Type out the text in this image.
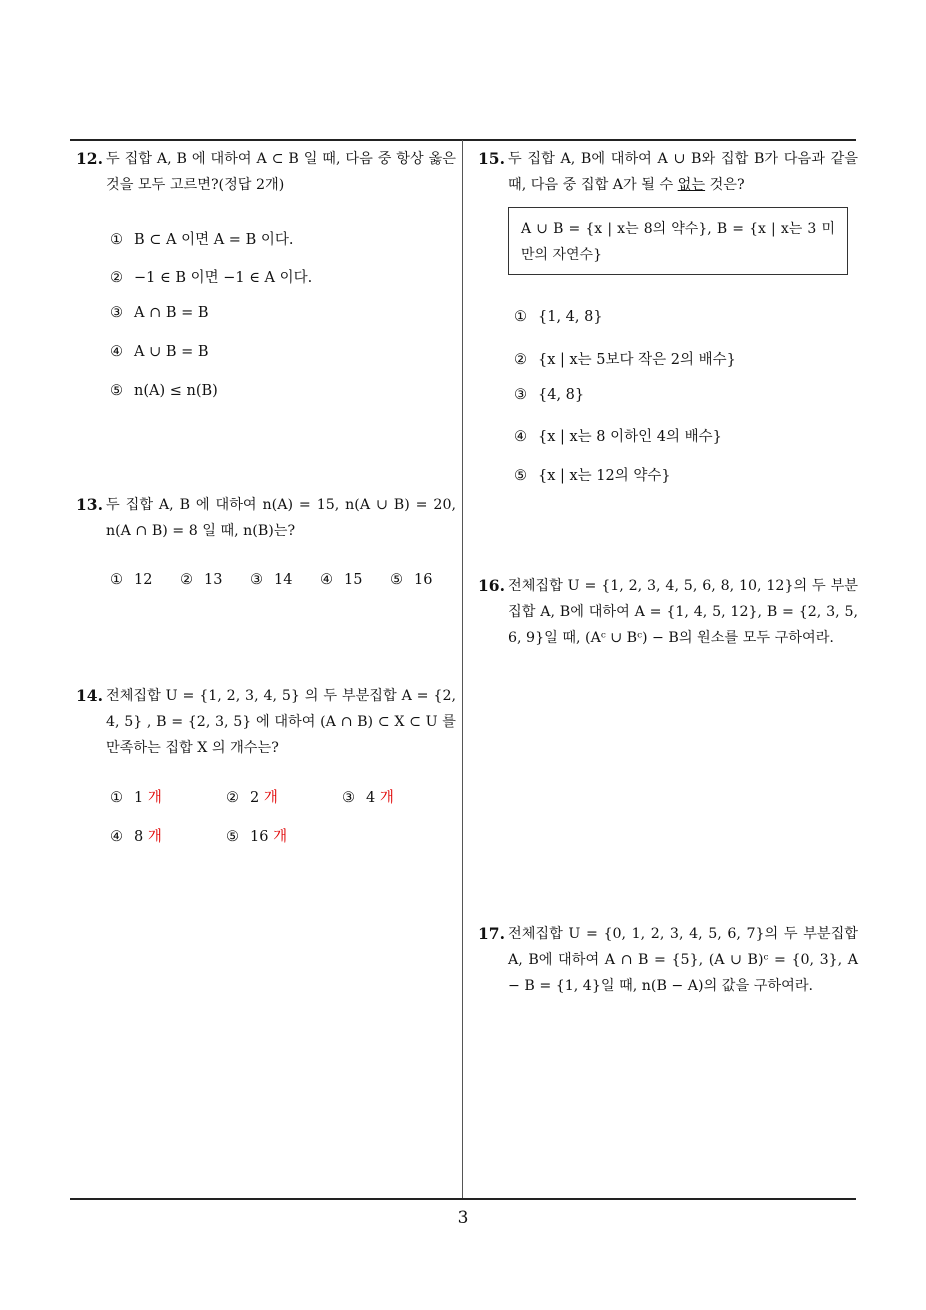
12. 두 집합 A, B 에 대하여 A ⊂ B 일 때, 다음 중 항상 옳은 것을 모두 고르면?(정답 2개)
① B ⊂ A 이면 A = B 이다.
② −1 ∈ B 이면 −1 ∈ A 이다.
③ A ∩ B = B
④ A ∪ B = B
⑤ n(A) ≤ n(B)
13. 두 집합 A, B 에 대하여 n(A) = 15, n(A ∪ B) = 20, n(A ∩ B) = 8 일 때, n(B)는?
① 12 ② 13 ③ 14 ④ 15 ⑤ 16
14. 전체집합 U = {1, 2, 3, 4, 5} 의 두 부분집합 A = {2, 4, 5} , B = {2, 3, 5} 에 대하여 (A ∩ B) ⊂ X ⊂ U 를 만족하는 집합 X 의 개수는?
① 1 개	② 2 개	③ 4 개
④ 8 개	⑤ 16 개
15. 두 집합 A, B에 대하여 A ∪ B와 집합 B가 다음과 같을 때, 다음 중 집합 A가 될 수 없는 것은?
A ∪ B = {x | x는 8의 약수}, B = {x | x는 3 미만의 자연수}
① {1, 4, 8}
② {x | x는 5보다 작은 2의 배수}
③ {4, 8}
④ {x | x는 8 이하인 4의 배수}
⑤ {x | x는 12의 약수}
16. 전체집합 U = {1, 2, 3, 4, 5, 6, 8, 10, 12}의 두 부분집합 A, B에 대하여 A = {1, 4, 5, 12}, B = {2, 3, 5, 6, 9}일 때, (Aᶜ ∪ Bᶜ) − B의 원소를 모두 구하여라.
17. 전체집합 U = {0, 1, 2, 3, 4, 5, 6, 7}의 두 부분집합 A, B에 대하여 A ∩ B = {5}, (A ∪ B)ᶜ = {0, 3}, A − B = {1, 4}일 때, n(B − A)의 값을 구하여라.
3
